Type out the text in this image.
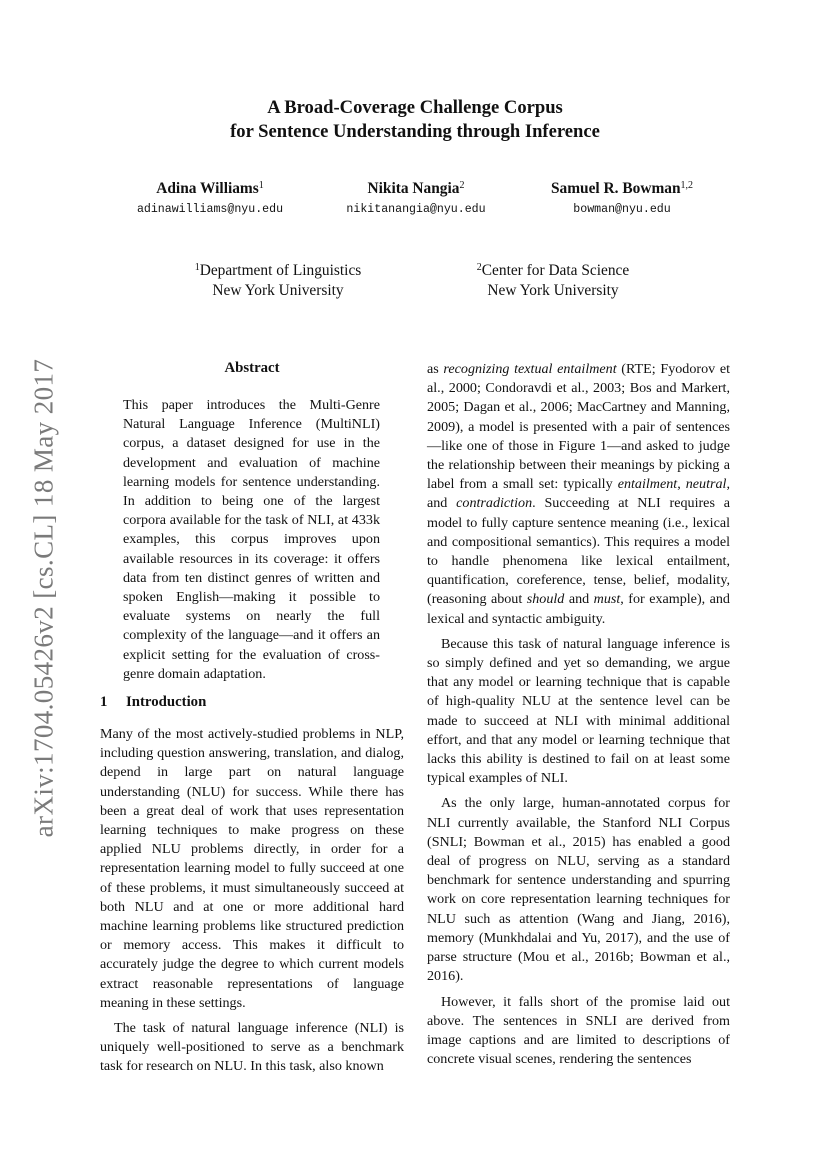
arXiv:1704.05426v2 [cs.CL] 18 May 2017
A Broad-Coverage Challenge Corpus
for Sentence Understanding through Inference
Adina Williams$^1$
adinawilliams@nyu.edu
Nikita Nangia$^2$
nikitanangia@nyu.edu
Samuel R. Bowman$^{1,2}$
bowman@nyu.edu
$^1$Department of Linguistics
New York University
$^2$Center for Data Science
New York University
Abstract
This paper introduces the Multi-Genre Natural Language Inference (MultiNLI) corpus, a dataset designed for use in the development and evaluation of machine learning models for sentence understanding. In addition to being one of the largest corpora available for the task of NLI, at 433k examples, this corpus improves upon available resources in its coverage: it offers data from ten distinct genres of written and spoken English—making it possible to evaluate systems on nearly the full complexity of the language—and it offers an explicit setting for the evaluation of cross-genre domain adaptation.
1 Introduction

Many of the most actively-studied problems in NLP, including question answering, translation, and dialog, depend in large part on natural language understanding (NLU) for success. While there has been a great deal of work that uses representation learning techniques to make progress on these applied NLU problems directly, in order for a representation learning model to fully succeed at one of these problems, it must simultaneously succeed at both NLU and at one or more additional hard machine learning problems like structured prediction or memory access. This makes it difficult to accurately judge the degree to which current models extract reasonable representations of language meaning in these settings.

The task of natural language inference (NLI) is uniquely well-positioned to serve as a benchmark task for research on NLU. In this task, also known

as recognizing textual entailment (RTE; Fyodorov et al., 2000; Condoravdi et al., 2003; Bos and Markert, 2005; Dagan et al., 2006; MacCartney and Manning, 2009), a model is presented with a pair of sentences—like one of those in Figure 1—and asked to judge the relationship between their meanings by picking a label from a small set: typically entailment, neutral, and contradiction. Succeeding at NLI requires a model to fully capture sentence meaning (i.e., lexical and compositional semantics). This requires a model to handle phenomena like lexical entailment, quantification, coreference, tense, belief, modality, (reasoning about should and must, for example), and lexical and syntactic ambiguity.

Because this task of natural language inference is so simply defined and yet so demanding, we argue that any model or learning technique that is capable of high-quality NLU at the sentence level can be made to succeed at NLI with minimal additional effort, and that any model or learning technique that lacks this ability is destined to fail on at least some typical examples of NLI.

As the only large, human-annotated corpus for NLI currently available, the Stanford NLI Corpus (SNLI; Bowman et al., 2015) has enabled a good deal of progress on NLU, serving as a standard benchmark for sentence understanding and spurring work on core representation learning techniques for NLU such as attention (Wang and Jiang, 2016), memory (Munkhdalai and Yu, 2017), and the use of parse structure (Mou et al., 2016b; Bowman et al., 2016).

However, it falls short of the promise laid out above. The sentences in SNLI are derived from image captions and are limited to descriptions of concrete visual scenes, rendering the sentences
